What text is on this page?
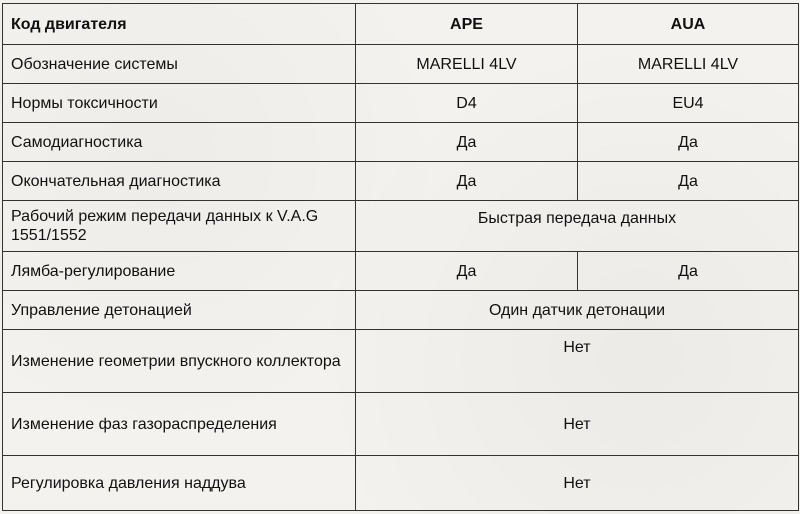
Код двигателя	APE	AUA
Обозначение системы	MARELLI 4LV	MARELLI 4LV
Нормы токсичности	D4	EU4
Самодиагностика	Да	Да
Окончательная диагностика	Да	Да
Рабочий режим передачи данных к V.A.G 1551/1552	Быстрая передача данных	
Лямба-регулирование	Да	Да
Управление детонацией	Один датчик детонации	
Изменение геометрии впускного коллектора	Нет	
Изменение фаз газораспределения	Нет	
Регулировка давления наддува	Нет	
